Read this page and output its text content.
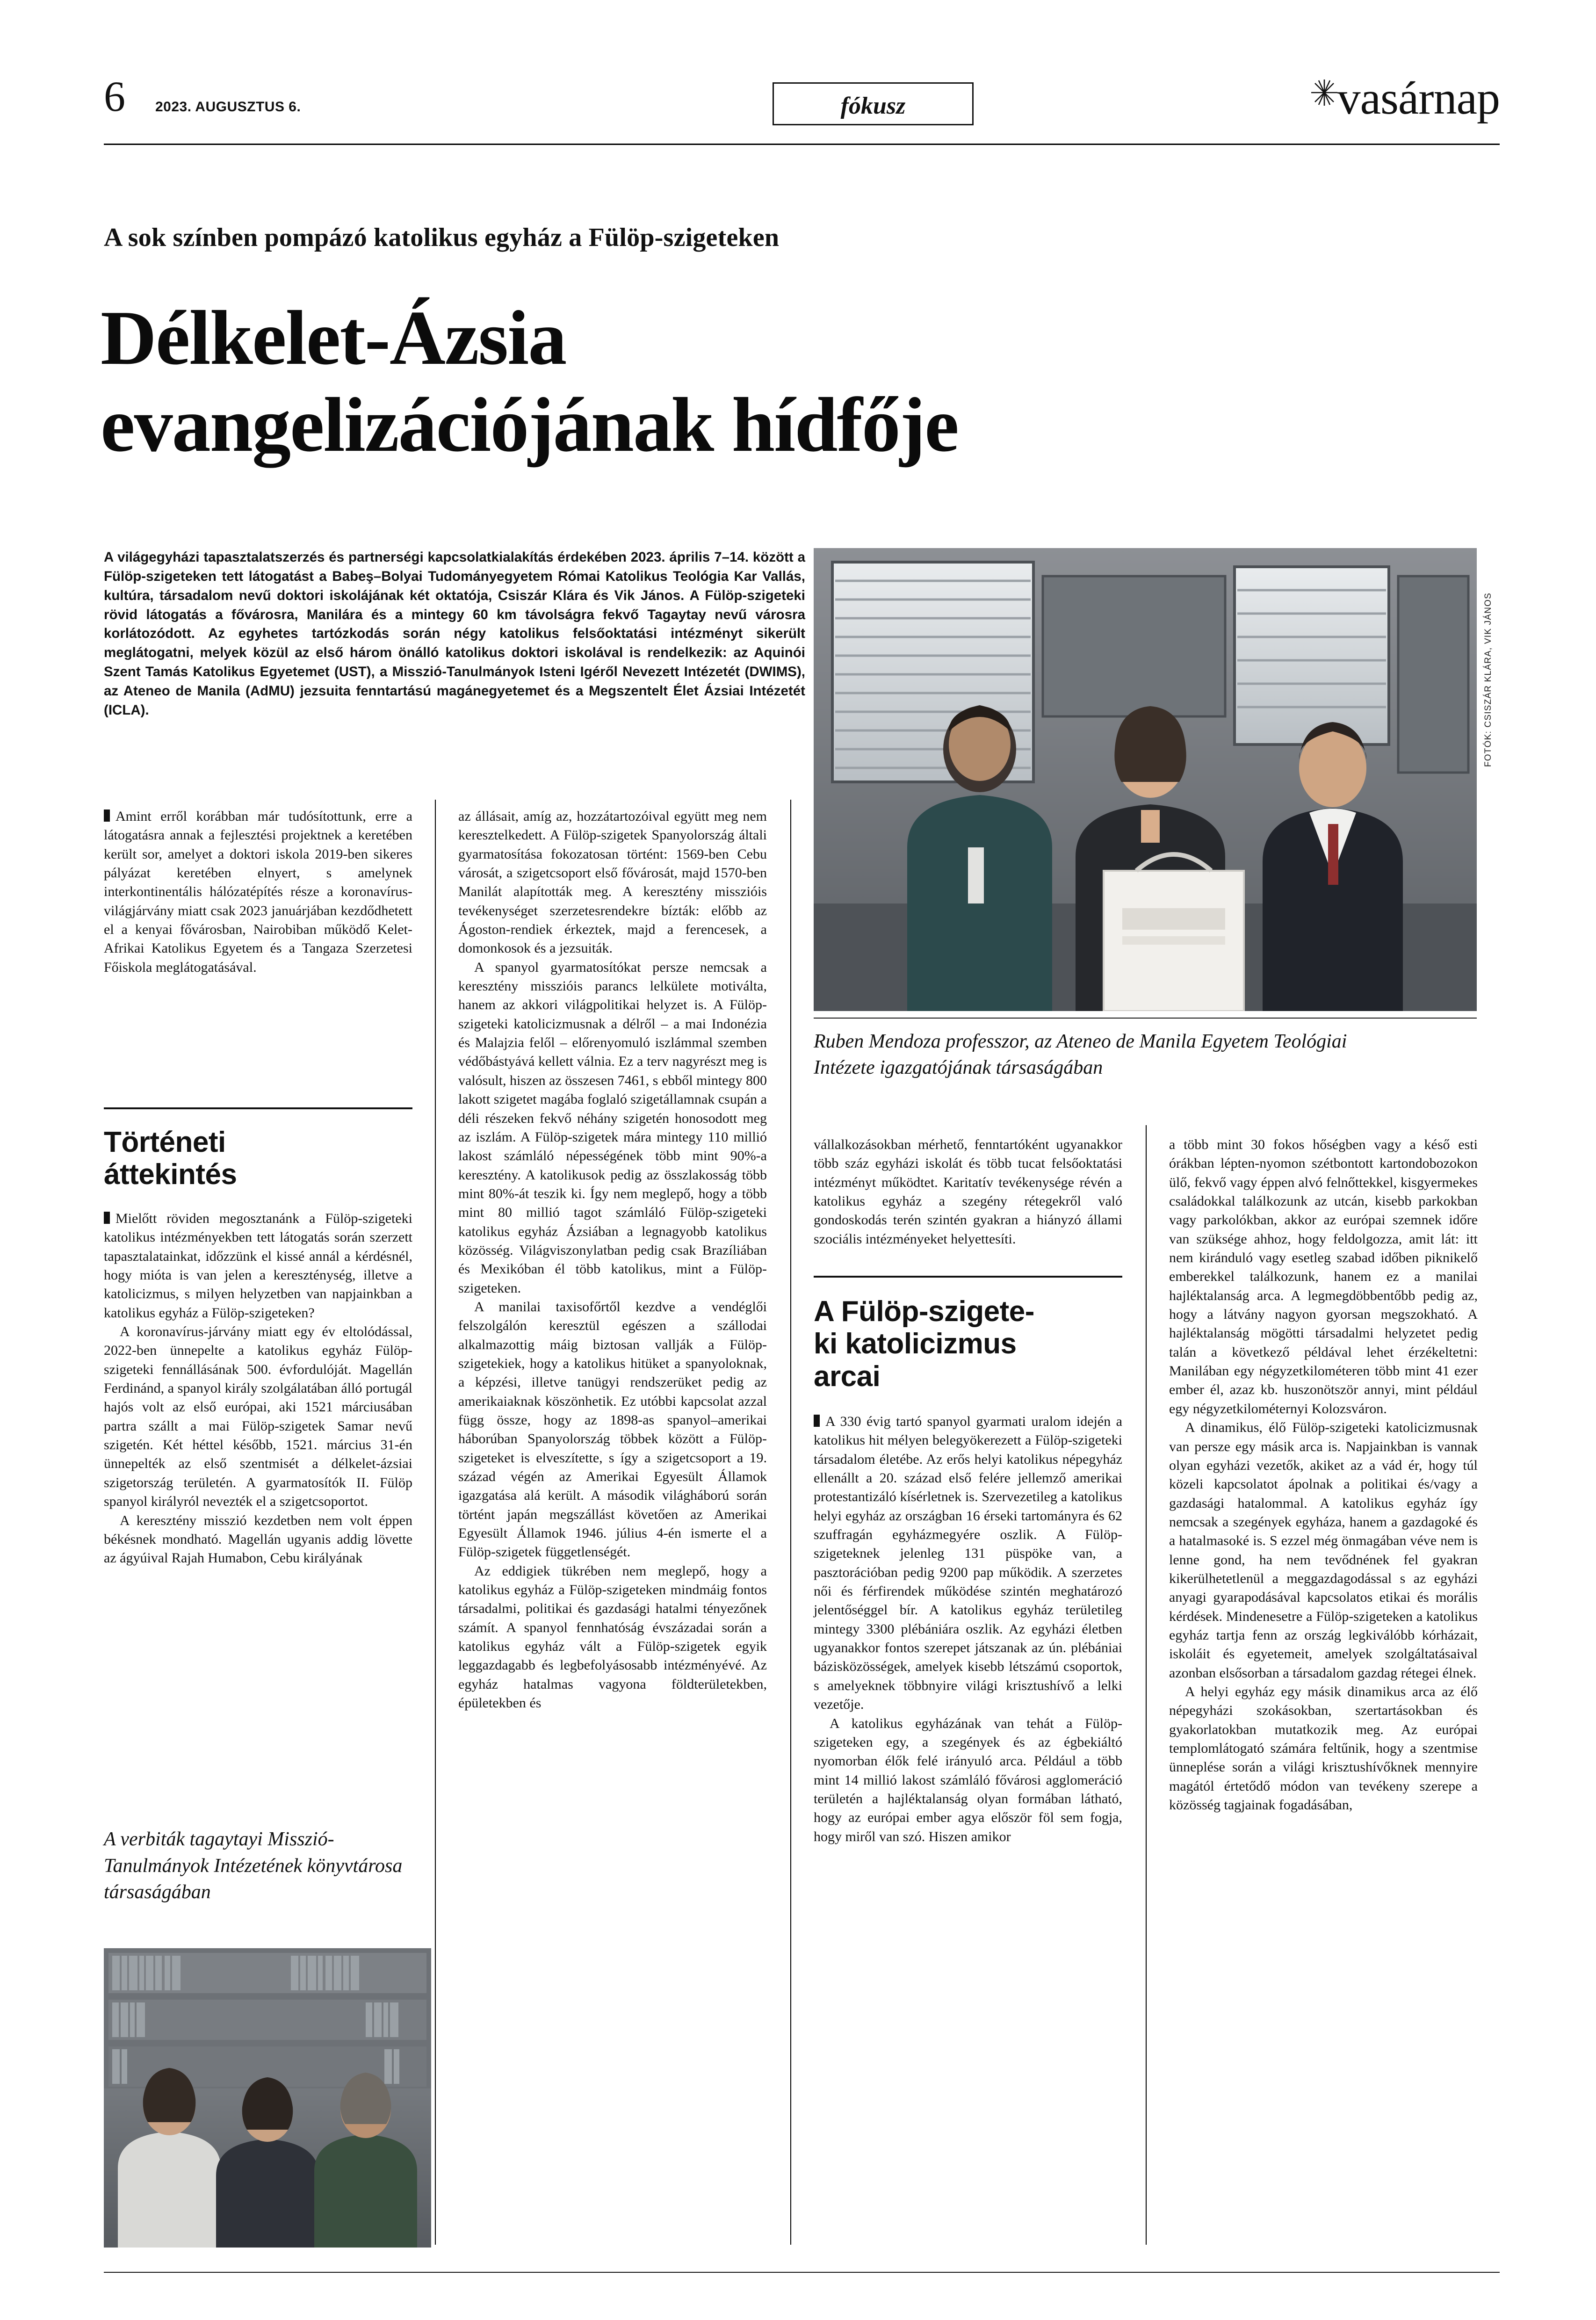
6 2023. AUGUSZTUS 6.	fókusz	vasárnap
A sok színben pompázó katolikus egyház a Fülöp-szigeteken
Délkelet-Ázsia
evangelizációjának hídfője
A világegyházi tapasztalatszerzés és partnerségi kapcsolatkialakítás érdekében 2023. április 7–14. között a Fülöp-szigeteken tett látogatást a Babeş–Bolyai Tudományegyetem Római Katolikus Teológia Kar Vallás, kultúra, társadalom nevű doktori iskolájának két oktatója, Csiszár Klára és Vik János. A Fülöp-szigeteki rövid látogatás a fővárosra, Manilára és a mintegy 60 km távolságra fekvő Tagaytay nevű városra korlátozódott. Az egyhetes tartózkodás során négy katolikus felsőoktatási intézményt sikerült meglátogatni, melyek közül az első három önálló katolikus doktori iskolával is rendelkezik: az Aquinói Szent Tamás Katolikus Egyetemet (UST), a Misszió-Tanulmányok Isteni Igéről Nevezett Intézetét (DWIMS), az Ateneo de Manila (AdMU) jezsuita fenntartású magánegyetemet és a Megszentelt Élet Ázsiai Intézetét (ICLA).	FOTÓK: CSISZÁR KLÁRA, VIK JÁNOS
Ruben Mendoza professzor, az Ateneo de Manila Egyetem Teológiai Intézete igazgatójának társaságában

Amint erről korábban már tudósítottunk, erre a látogatásra annak a fejlesztési projektnek a keretében került sor, amelyet a doktori iskola 2019-ben sikeres pályázat keretében elnyert, s amelynek interkontinentális hálózatépítés része a koronavírus-világjárvány miatt csak 2023 januárjában kezdődhetett el a kenyai fővárosban, Nairobiban működő Kelet-Afrikai Katolikus Egyetem és a Tangaza Szerzetesi Főiskola meglátogatásával.

Történeti
áttekintés

Mielőtt röviden megosztanánk a Fülöp-szigeteki katolikus intézményekben tett látogatás során szerzett tapasztalatainkat, időzzünk el kissé annál a kérdésnél, hogy mióta is van jelen a kereszténység, illetve a katolicizmus, s milyen helyzetben van napjainkban a katolikus egyház a Fülöp-szigeteken?

A koronavírus-járvány miatt egy év eltolódással, 2022-ben ünnepelte a katolikus egyház Fülöp-szigeteki fennállásának 500. évfordulóját. Magellán Ferdinánd, a spanyol király szolgálatában álló portugál hajós volt az első európai, aki 1521 márciusában partra szállt a mai Fülöp-szigetek Samar nevű szigetén. Két héttel később, 1521. március 31-én ünnepelték az első szentmisét a délkelet-ázsiai szigetország területén. A gyarmatosítók II. Fülöp spanyol királyról nevezték el a szigetcsoportot.

A keresztény misszió kezdetben nem volt éppen békésnek mondható. Magellán ugyanis addig lövette az ágyúival Rajah Humabon, Cebu királyának

A verbiták tagaytayi Misszió-Tanulmányok Intézetének könyvtárosa társaságában

az állásait, amíg az, hozzátartozóival együtt meg nem keresztelkedett. A Fülöp-szigetek Spanyolország általi gyarmatosítása fokozatosan történt: 1569-ben Cebu városát, a szigetcsoport első fővárosát, majd 1570-ben Manilát alapították meg. A keresztény misszióis tevékenységet szerzetesrendekre bízták: előbb az Ágoston-rendiek érkeztek, majd a ferencesek, a domonkosok és a jezsuiták.

A spanyol gyarmatosítókat persze nemcsak a keresztény misszióis parancs lelkülete motiválta, hanem az akkori világpolitikai helyzet is. A Fülöp-szigeteki katolicizmusnak a délről – a mai Indonézia és Malajzia felől – előrenyomuló iszlámmal szemben védőbástyává kellett válnia. Ez a terv nagyrészt meg is valósult, hiszen az összesen 7461, s ebből mintegy 800 lakott szigetet magába foglaló szigetállamnak csupán a déli részeken fekvő néhány szigetén honosodott meg az iszlám. A Fülöp-szigetek mára mintegy 110 millió lakost számláló népességének több mint 90%-a keresztény. A katolikusok pedig az összlakosság több mint 80%-át teszik ki. Így nem meglepő, hogy a több mint 80 millió tagot számláló Fülöp-szigeteki katolikus egyház Ázsiában a legnagyobb katolikus közösség. Világviszonylatban pedig csak Brazíliában és Mexikóban él több katolikus, mint a Fülöp-szigeteken.

A manilai taxisofőrtől kezdve a vendéglői felszolgálón keresztül egészen a szállodai alkalmazottig máig biztosan vallják a Fülöp-szigetekiek, hogy a katolikus hitüket a spanyoloknak, a képzési, illetve tanügyi rendszerüket pedig az amerikaiaknak köszönhetik. Ez utóbbi kapcsolat azzal függ össze, hogy az 1898-as spanyol–amerikai háborúban Spanyolország többek között a Fülöp-szigeteket is elveszítette, s így a szigetcsoport a 19. század végén az Amerikai Egyesült Államok igazgatása alá került. A második világháború során történt japán megszállást követően az Amerikai Egyesült Államok 1946. július 4-én ismerte el a Fülöp-szigetek függetlenségét.

Az eddigiek tükrében nem meglepő, hogy a katolikus egyház a Fülöp-szigeteken mindmáig fontos társadalmi, politikai és gazdasági hatalmi tényezőnek számít. A spanyol fennhatóság évszázadai során a katolikus egyház vált a Fülöp-szigetek egyik leggazdagabb és legbefolyásosabb intézményévé. Az egyház hatalmas vagyona földterületekben, épületekben és

vállalkozásokban mérhető, fenntartóként ugyanakkor több száz egyházi iskolát és több tucat felsőoktatási intézményt működtet. Karitatív tevékenysége révén a katolikus egyház a szegény rétegekről való gondoskodás terén szintén gyakran a hiányzó állami szociális intézményeket helyettesíti.

A Fülöp-szigete-
ki katolicizmus
arcai

A 330 évig tartó spanyol gyarmati uralom idején a katolikus hit mélyen belegyökerezett a Fülöp-szigeteki társadalom életébe. Az erős helyi katolikus népegyház ellenállt a 20. század első felére jellemző amerikai protestantizáló kísérletnek is. Szervezetileg a katolikus helyi egyház az országban 16 érseki tartományra és 62 szuffragán egyházmegyére oszlik. A Fülöp-szigeteknek jelenleg 131 püspöke van, a pasztorációban pedig 9200 pap működik. A szerzetes női és férfirendek működése szintén meghatározó jelentőséggel bír. A katolikus egyház területileg mintegy 3300 plébániára oszlik. Az egyházi életben ugyanakkor fontos szerepet játszanak az ún. plébániai bázisközösségek, amelyek kisebb létszámú csoportok, s amelyeknek többnyire világi krisztushívő a lelki vezetője.

A katolikus egyházának van tehát a Fülöp-szigeteken egy, a szegények és az égbekiáltó nyomorban élők felé irányuló arca. Például a több mint 14 millió lakost számláló fővárosi agglomeráció területén a hajléktalanság olyan formában látható, hogy az európai ember agya először föl sem fogja, hogy miről van szó. Hiszen amikor

a több mint 30 fokos hőségben vagy a késő esti órákban lépten-nyomon szétbontott kartondobozokon ülő, fekvő vagy éppen alvó felnőttekkel, kisgyermekes családokkal találkozunk az utcán, kisebb parkokban vagy parkolókban, akkor az európai szemnek időre van szüksége ahhoz, hogy feldolgozza, amit lát: itt nem kiránduló vagy esetleg szabad időben piknikelő emberekkel találkozunk, hanem ez a manilai hajléktalanság arca. A legmegdöbbentőbb pedig az, hogy a látvány nagyon gyorsan megszokható. A hajléktalanság mögötti társadalmi helyzetet pedig talán a következő példával lehet érzékeltetni: Manilában egy négyzetkilométeren több mint 41 ezer ember él, azaz kb. huszonötször annyi, mint például egy négyzetkilométernyi Kolozsváron.

A dinamikus, élő Fülöp-szigeteki katolicizmusnak van persze egy másik arca is. Napjainkban is vannak olyan egyházi vezetők, akiket az a vád ér, hogy túl közeli kapcsolatot ápolnak a politikai és/vagy a gazdasági hatalommal. A katolikus egyház így nemcsak a szegények egyháza, hanem a gazdagoké és a hatalmasoké is. S ezzel még önmagában véve nem is lenne gond, ha nem tevődnének fel gyakran kikerülhetetlenül a meggazdagodással s az egyházi anyagi gyarapodásával kapcsolatos etikai és morális kérdések. Mindenesetre a Fülöp-szigeteken a katolikus egyház tartja fenn az ország legkiválóbb kórházait, iskoláit és egyetemeit, amelyek szolgáltatásaival azonban elsősorban a társadalom gazdag rétegei élnek.

A helyi egyház egy másik dinamikus arca az élő népegyházi szokásokban, szertartásokban és gyakorlatokban mutatkozik meg. Az európai templomlátogató számára feltűnik, hogy a szentmise ünneplése során a világi krisztushívőknek mennyire magától értetődő módon van tevékeny szerepe a közösség tagjainak fogadásában,
